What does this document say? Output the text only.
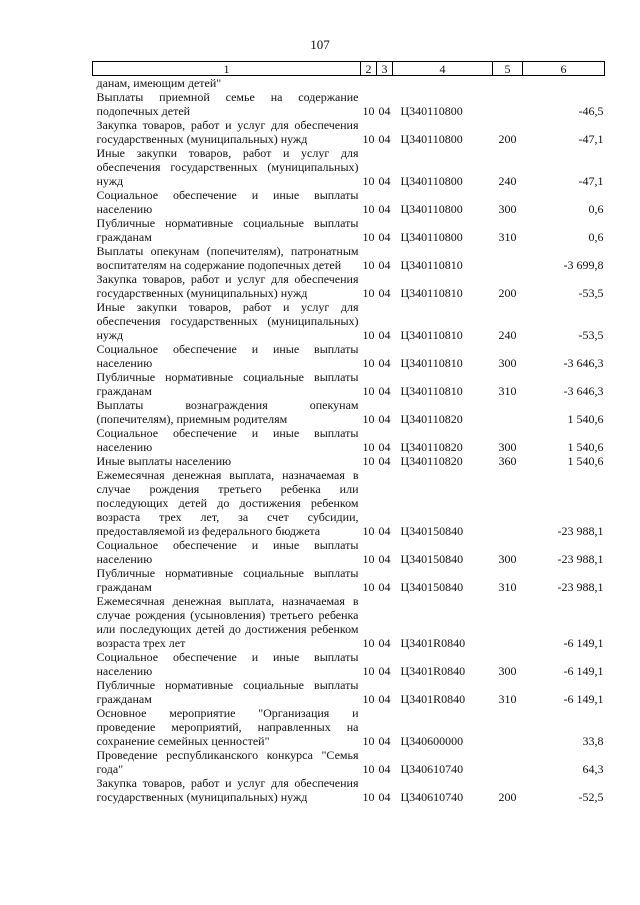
107
1	2	3	4	5	6
данам, имеющим детей"					
Выплаты приемной семье на содержание подопечных детей	10	04	Ц340110800		-46,5
Закупка товаров, работ и услуг для обеспечения государственных (муниципальных) нужд	10	04	Ц340110800	200	-47,1
Иные закупки товаров, работ и услуг для обеспечения государственных (муниципальных) нужд	10	04	Ц340110800	240	-47,1
Социальное обеспечение и иные выплаты населению	10	04	Ц340110800	300	0,6
Публичные нормативные социальные выплаты гражданам	10	04	Ц340110800	310	0,6
Выплаты опекунам (попечителям), патронатным воспитателям на содержание подопечных детей	10	04	Ц340110810		-3 699,8
Закупка товаров, работ и услуг для обеспечения государственных (муниципальных) нужд	10	04	Ц340110810	200	-53,5
Иные закупки товаров, работ и услуг для обеспечения государственных (муниципальных) нужд	10	04	Ц340110810	240	-53,5
Социальное обеспечение и иные выплаты населению	10	04	Ц340110810	300	-3 646,3
Публичные нормативные социальные выплаты гражданам	10	04	Ц340110810	310	-3 646,3
Выплаты вознаграждения опекунам (попечителям), приемным родителям	10	04	Ц340110820		1 540,6
Социальное обеспечение и иные выплаты населению	10	04	Ц340110820	300	1 540,6
Иные выплаты населению	10	04	Ц340110820	360	1 540,6
Ежемесячная денежная выплата, назначаемая в случае рождения третьего ребенка или последующих детей до достижения ребенком возраста трех лет, за счет субсидии, предоставляемой из федерального бюджета	10	04	Ц340150840		-23 988,1
Социальное обеспечение и иные выплаты населению	10	04	Ц340150840	300	-23 988,1
Публичные нормативные социальные выплаты гражданам	10	04	Ц340150840	310	-23 988,1
Ежемесячная денежная выплата, назначаемая в случае рождения (усыновления) третьего ребенка или последующих детей до достижения ребенком возраста трех лет	10	04	Ц3401R0840		-6 149,1
Социальное обеспечение и иные выплаты населению	10	04	Ц3401R0840	300	-6 149,1
Публичные нормативные социальные выплаты гражданам	10	04	Ц3401R0840	310	-6 149,1
Основное мероприятие "Организация и проведение мероприятий, направленных на сохранение семейных ценностей"	10	04	Ц340600000		33,8
Проведение республиканского конкурса "Семья года"	10	04	Ц340610740		64,3
Закупка товаров, работ и услуг для обеспечения государственных (муниципальных) нужд	10	04	Ц340610740	200	-52,5
